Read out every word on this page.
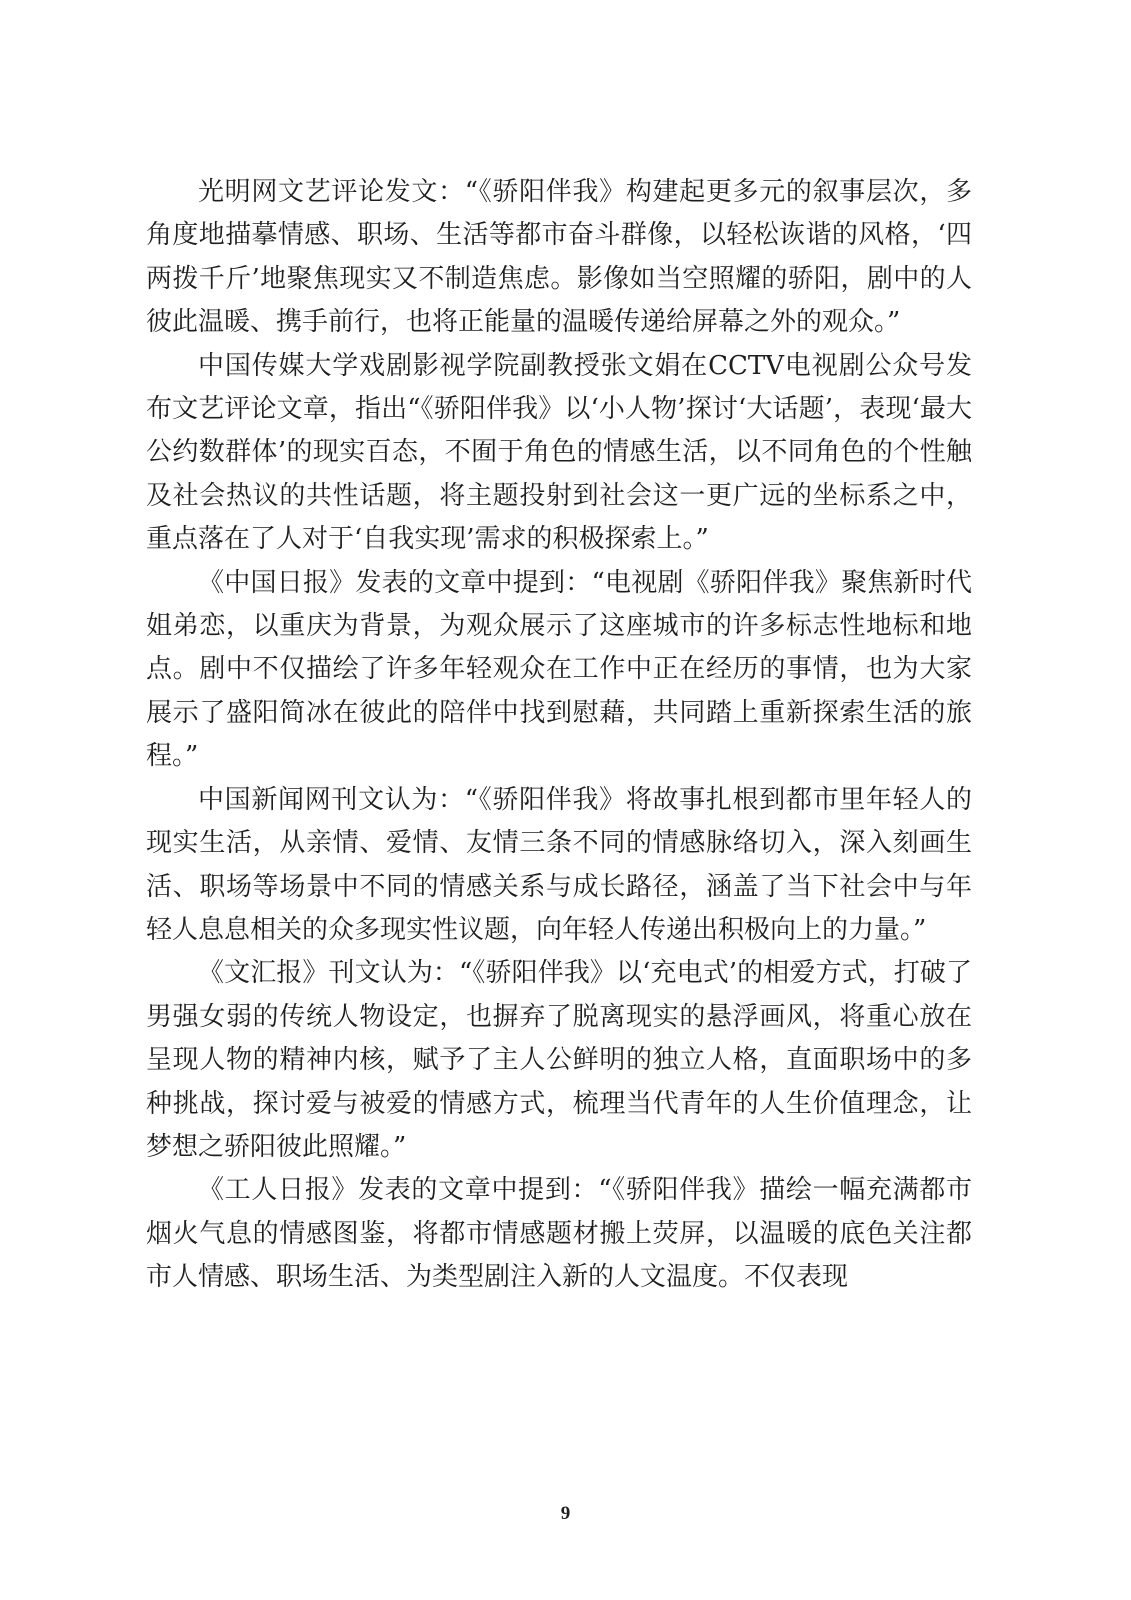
光明网文艺评论发文：“《骄阳伴我》构建起更多元的叙事层次，多角度地描摹情感、职场、生活等都市奋斗群像，以轻松诙谐的风格，‘四两拨千斤’地聚焦现实又不制造焦虑。影像如当空照耀的骄阳，剧中的人彼此温暖、携手前行，也将正能量的温暖传递给屏幕之外的观众。”

中国传媒大学戏剧影视学院副教授张文娟在CCTV电视剧公众号发布文艺评论文章，指出“《骄阳伴我》以‘小人物’探讨‘大话题’，表现‘最大公约数群体’的现实百态，不囿于角色的情感生活，以不同角色的个性触及社会热议的共性话题，将主题投射到社会这一更广远的坐标系之中，重点落在了人对于‘自我实现’需求的积极探索上。”

《中国日报》发表的文章中提到：“电视剧《骄阳伴我》聚焦新时代姐弟恋，以重庆为背景，为观众展示了这座城市的许多标志性地标和地点。剧中不仅描绘了许多年轻观众在工作中正在经历的事情，也为大家展示了盛阳简冰在彼此的陪伴中找到慰藉，共同踏上重新探索生活的旅程。”

中国新闻网刊文认为：“《骄阳伴我》将故事扎根到都市里年轻人的现实生活，从亲情、爱情、友情三条不同的情感脉络切入，深入刻画生活、职场等场景中不同的情感关系与成长路径，涵盖了当下社会中与年轻人息息相关的众多现实性议题，向年轻人传递出积极向上的力量。”

《文汇报》刊文认为：“《骄阳伴我》以‘充电式’的相爱方式，打破了男强女弱的传统人物设定，也摒弃了脱离现实的悬浮画风，将重心放在呈现人物的精神内核，赋予了主人公鲜明的独立人格，直面职场中的多种挑战，探讨爱与被爱的情感方式，梳理当代青年的人生价值理念，让梦想之骄阳彼此照耀。”

《工人日报》发表的文章中提到：“《骄阳伴我》描绘一幅充满都市烟火气息的情感图鉴，将都市情感题材搬上荧屏，以温暖的底色关注都市人情感、职场生活、为类型剧注入新的人文温度。不仅表现

9
